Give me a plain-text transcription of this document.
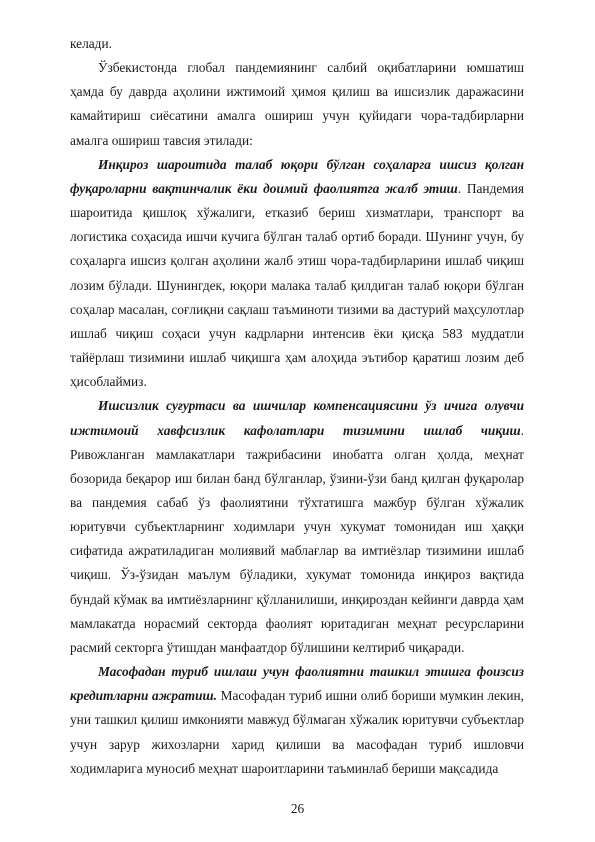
келади.

Ўзбекистонда глобал пандемиянинг салбий оқибатларини юмшатиш ҳамда бу даврда аҳолини ижтимоий ҳимоя қилиш ва ишсизлик даражасини камайтириш сиёсатини амалга ошириш учун қуйидаги чора-тадбирларни амалга ошириш тавсия этилади:

Инқироз шароитида талаб юқори бўлган соҳаларга ишсиз қолган фуқароларни вақтинчалик ёки доимий фаолиятга жалб этиш. Пандемия шароитида қишлоқ хўжалиги, етказиб бериш хизматлари, транспорт ва логистика соҳасида ишчи кучига бўлган талаб ортиб боради. Шунинг учун, бу соҳаларга ишсиз қолган аҳолини жалб этиш чора-тадбирларини ишлаб чиқиш лозим бўлади. Шунингдек, юқори малака талаб қилдиган талаб юқори бўлган соҳалар масалан, соғлиқни сақлаш таъминоти тизими ва дастурий маҳсулотлар ишлаб чиқиш соҳаси учун кадрларни интенсив ёки қисқа 583 муддатли тайёрлаш тизимини ишлаб чиқишга ҳам алоҳида эътибор қаратиш лозим деб ҳисоблаймиз.

Ишсизлик суғуртаси ва ишчилар компенсациясини ўз ичига олувчи ижтимоий хавфсизлик кафолатлари тизимини ишлаб чиқиш. Ривожланган мамлакатлари тажрибасини инобатга олган ҳолда, меҳнат бозорида беқарор иш билан банд бўлганлар, ўзини-ўзи банд қилган фуқаролар ва пандемия сабаб ўз фаолиятини тўхтатишга мажбур бўлган хўжалик юритувчи субъектларнинг ходимлари учун хукумат томонидан иш ҳаққи сифатида ажратиладиган молиявий маблағлар ва имтиёзлар тизимини ишлаб чиқиш. Ўз-ўзидан маълум бўладики, хукумат томонида инқироз вақтида бундай кўмак ва имтиёзларнинг қўлланилиши, инқироздан кейинги даврда ҳам мамлакатда норасмий секторда фаолият юритадиган меҳнат ресурсларини расмий секторга ўтишдан манфаатдор бўлишини келтириб чиқаради.

Масофадан туриб ишлаш учун фаолиятни ташкил этишга фоизсиз кредитларни ажратиш. Масофадан туриб ишни олиб бориши мумкин лекин, уни ташкил қилиш имконияти мавжуд бўлмаган хўжалик юритувчи субъектлар учун зарур жихозларни харид қилиши ва масофадан туриб ишловчи ходимларига муносиб меҳнат шароитларини таъминлаб бериши мақсадида

26
